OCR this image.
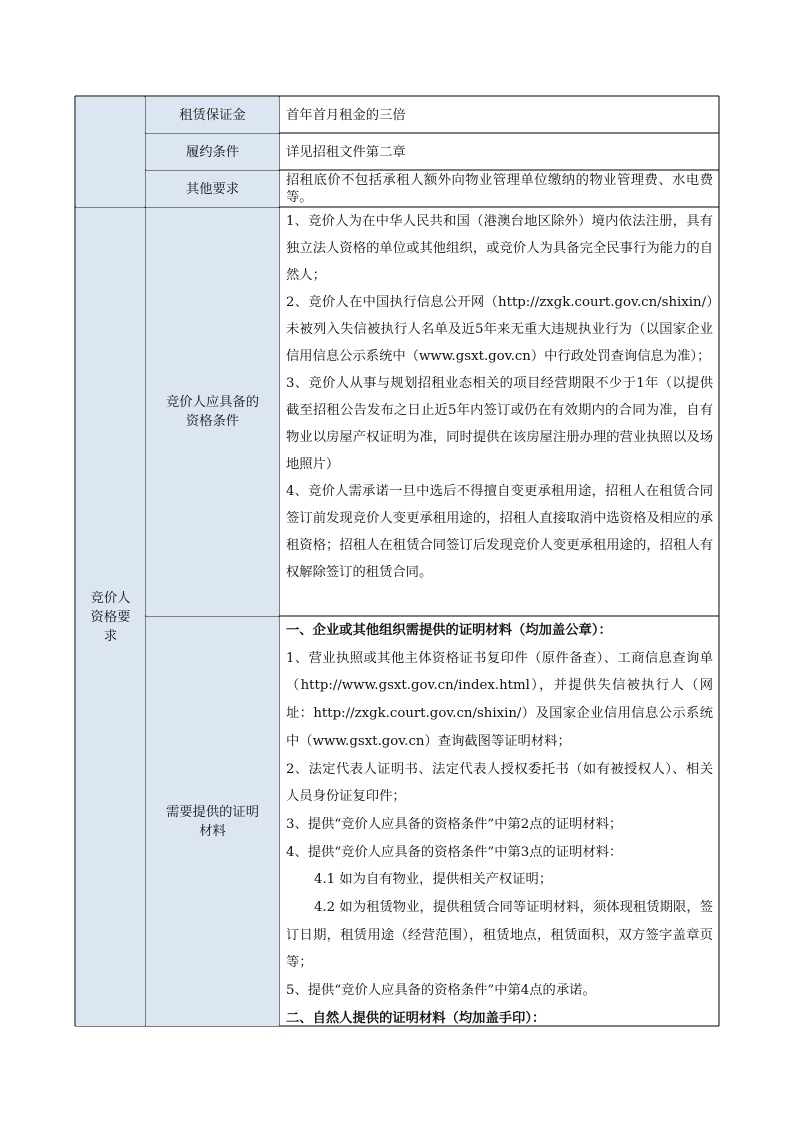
竞价人资格要求
租赁保证金	首年首月租金的三倍
履约条件	详见招租文件第二章
其他要求

招租底价不包括承租人额外向物业管理单位缴纳的物业管理费、水电费等。

竞价人应具备的资格条件

1、竞价人为在中华人民共和国（港澳台地区除外）境内依法注册，具有独立法人资格的单位或其他组织，或竞价人为具备完全民事行为能力的自然人；

2、竞价人在中国执行信息公开网（http://zxgk.court.gov.cn/shixin/）未被列入失信被执行人名单及近5年来无重大违规执业行为（以国家企业信用信息公示系统中（www.gsxt.gov.cn）中行政处罚查询信息为准）；

3、竞价人从事与规划招租业态相关的项目经营期限不少于1年（以提供截至招租公告发布之日止近5年内签订或仍在有效期内的合同为准，自有物业以房屋产权证明为准，同时提供在该房屋注册办理的营业执照以及场地照片）

4、竞价人需承诺一旦中选后不得擅自变更承租用途，招租人在租赁合同签订前发现竞价人变更承租用途的，招租人直接取消中选资格及相应的承租资格；招租人在租赁合同签订后发现竞价人变更承租用途的，招租人有权解除签订的租赁合同。

需要提供的证明材料

一、企业或其他组织需提供的证明材料（均加盖公章）：

1、营业执照或其他主体资格证书复印件（原件备查）、工商信息查询单（http://www.gsxt.gov.cn/index.html），并提供失信被执行人（网址：http://zxgk.court.gov.cn/shixin/）及国家企业信用信息公示系统中（www.gsxt.gov.cn）查询截图等证明材料；

2、法定代表人证明书、法定代表人授权委托书（如有被授权人）、相关人员身份证复印件；

3、提供“竞价人应具备的资格条件”中第2点的证明材料；

4、提供“竞价人应具备的资格条件”中第3点的证明材料：

4.1 如为自有物业，提供相关产权证明；

4.2 如为租赁物业，提供租赁合同等证明材料，须体现租赁期限，签订日期，租赁用途（经营范围），租赁地点，租赁面积，双方签字盖章页等；

5、提供“竞价人应具备的资格条件”中第4点的承诺。

二、自然人提供的证明材料（均加盖手印）：
